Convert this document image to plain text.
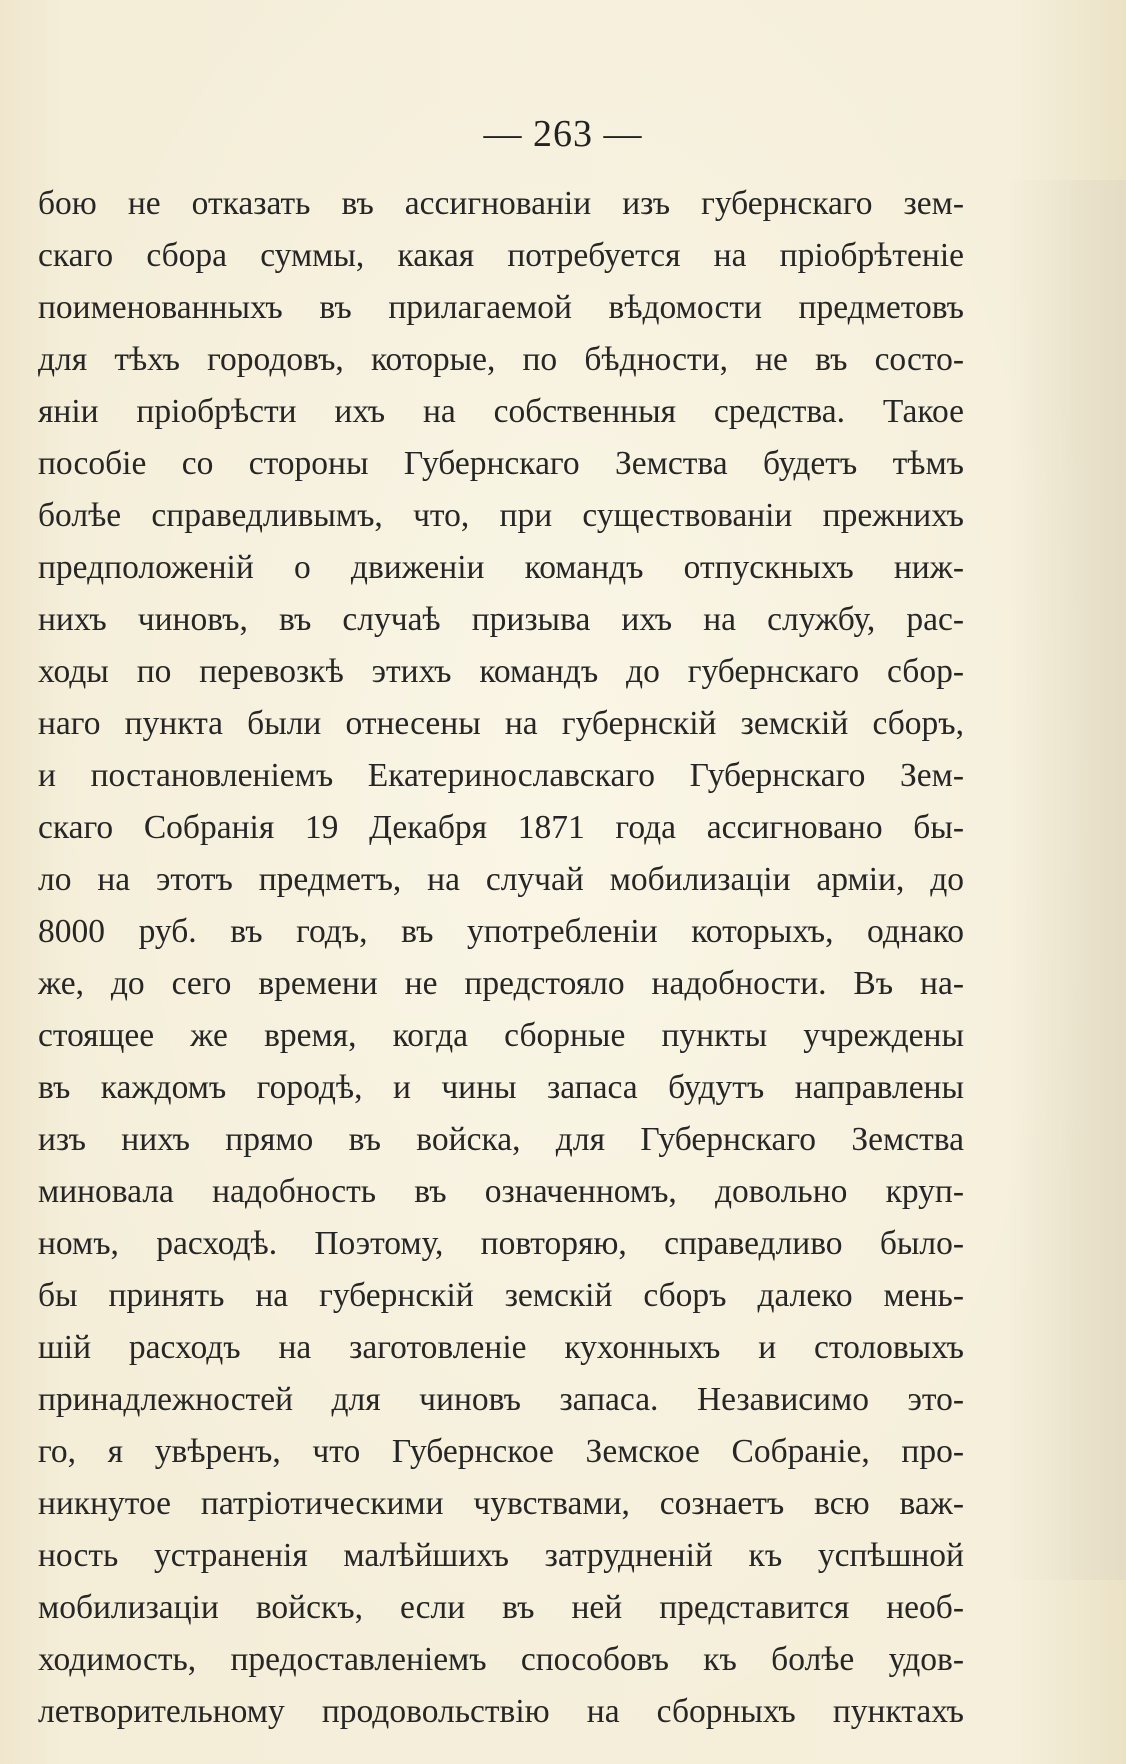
— 263 —
бою не отказать въ ассигнованіи изъ губернскаго зем-
скаго сбора суммы, какая потребуется на пріобрѣтеніе
поименованныхъ въ прилагаемой вѣдомости предметовъ
для тѣхъ городовъ, которые, по бѣдности, не въ состо-
яніи пріобрѣсти ихъ на собственныя средства. Такое
пособіе со стороны Губернскаго Земства будетъ тѣмъ
болѣе справедливымъ, что, при существованіи прежнихъ
предположеній о движеніи командъ отпускныхъ ниж-
нихъ чиновъ, въ случаѣ призыва ихъ на службу, рас-
ходы по перевозкѣ этихъ командъ до губернскаго сбор-
наго пункта были отнесены на губернскій земскій сборъ,
и постановленіемъ Екатеринославскаго Губернскаго Зем-
скаго Собранія 19 Декабря 1871 года ассигновано бы-
ло на этотъ предметъ, на случай мобилизаціи арміи, до
8000 руб. въ годъ, въ употребленіи которыхъ, однако
же, до сего времени не предстояло надобности. Въ на-
стоящее же время, когда сборные пункты учреждены
въ каждомъ городѣ, и чины запаса будутъ направлены
изъ нихъ прямо въ войска, для Губернскаго Земства
миновала надобность въ означенномъ, довольно круп-
номъ, расходѣ. Поэтому, повторяю, справедливо было-
бы принять на губернскій земскій сборъ далеко мень-
шій расходъ на заготовленіе кухонныхъ и столовыхъ
принадлежностей для чиновъ запаса. Независимо это-
го, я увѣренъ, что Губернское Земское Собраніе, про-
никнутое патріотическими чувствами, сознаетъ всю важ-
ность устраненія малѣйшихъ затрудненій къ успѣшной
мобилизаціи войскъ, если въ ней представится необ-
ходимость, предоставленіемъ способовъ къ болѣе удов-
летворительному продовольствію на сборныхъ пунктахъ
